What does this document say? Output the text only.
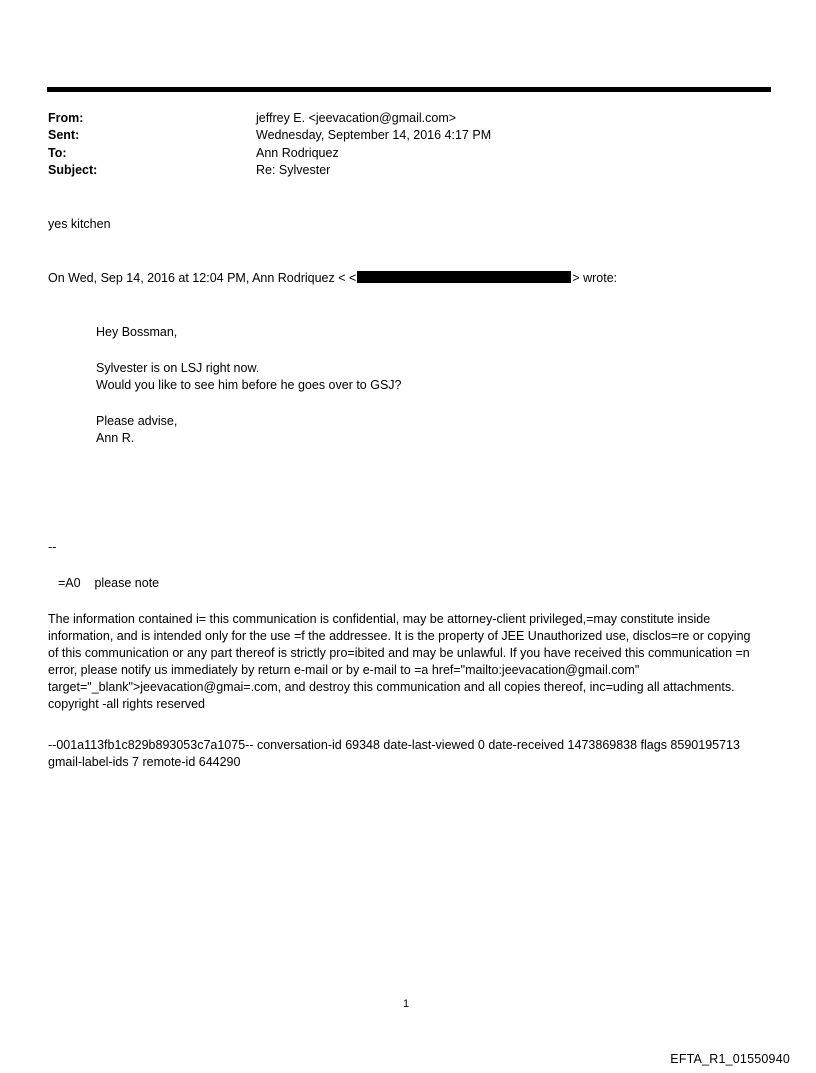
From:	jeffrey E. <jeevacation@gmail.com>
Sent:	Wednesday, September 14, 2016 4:17 PM
To:	Ann Rodriquez
Subject:	Re: Sylvester
yes kitchen
On Wed, Sep 14, 2016 at 12:04 PM, Ann Rodriquez < <	> wrote:
Hey Bossman,
Sylvester is on LSJ right now.
Would you like to see him before he goes over to GSJ?
Please advise,
Ann R.
--
=A0    please note
The information contained i= this communication is confidential, may be attorney-client privileged,=may constitute inside information, and is intended only for the use =f the addressee. It is the property of JEE Unauthorized use, disclos=re or copying of this communication or any part thereof is strictly pro=ibited and may be unlawful. If you have received this communication =n error, please notify us immediately by return e-mail or by e-mail to =a href="mailto:jeevacation@gmail.com" target="_blank">jeevacation@gmai=.com, and destroy this communication and all copies thereof, inc=uding all attachments. copyright -all rights reserved
--001a113fb1c829b893053c7a1075-- conversation-id 69348 date-last-viewed 0 date-received 1473869838 flags 8590195713 gmail-label-ids 7 remote-id 644290
1
EFTA_R1_01550940
